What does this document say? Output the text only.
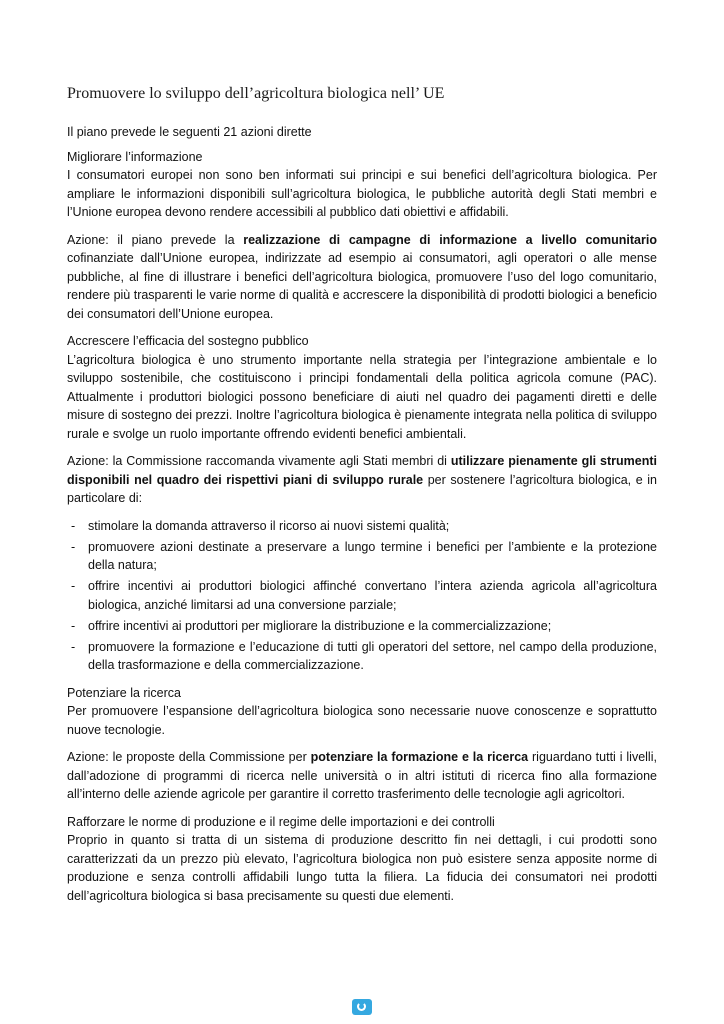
Promuovere lo sviluppo dell’agricoltura biologica nell’ UE

Il piano prevede le seguenti 21 azioni dirette

Migliorare l’informazione
I consumatori europei non sono ben informati sui principi e sui benefici dell’agricoltura biologica. Per ampliare le informazioni disponibili sull’agricoltura biologica, le pubbliche autorità degli Stati membri e l’Unione europea devono rendere accessibili al pubblico dati obiettivi e affidabili.

Azione: il piano prevede la realizzazione di campagne di informazione a livello comunitario cofinanziate dall’Unione europea, indirizzate ad esempio ai consumatori, agli operatori o alle mense pubbliche, al fine di illustrare i benefici dell’agricoltura biologica, promuovere l’uso del logo comunitario, rendere più trasparenti le varie norme di qualità e accrescere la disponibilità di prodotti biologici a beneficio dei consumatori dell’Unione europea.

Accrescere l’efficacia del sostegno pubblico
L’agricoltura biologica è uno strumento importante nella strategia per l’integrazione ambientale e lo sviluppo sostenibile, che costituiscono i principi fondamentali della politica agricola comune (PAC). Attualmente i produttori biologici possono beneficiare di aiuti nel quadro dei pagamenti diretti e delle misure di sostegno dei prezzi. Inoltre l’agricoltura biologica è pienamente integrata nella politica di sviluppo rurale e svolge un ruolo importante offrendo evidenti benefici ambientali.

Azione: la Commissione raccomanda vivamente agli Stati membri di utilizzare pienamente gli strumenti disponibili nel quadro dei rispettivi piani di sviluppo rurale per sostenere l’agricoltura biologica, e in particolare di:

- stimolare la domanda attraverso il ricorso ai nuovi sistemi qualità;
- promuovere azioni destinate a preservare a lungo termine i benefici per l’ambiente e la protezione della natura;
- offrire incentivi ai produttori biologici affinché convertano l’intera azienda agricola all’agricoltura biologica, anziché limitarsi ad una conversione parziale;
- offrire incentivi ai produttori per migliorare la distribuzione e la commercializzazione;
- promuovere la formazione e l’educazione di tutti gli operatori del settore, nel campo della produzione, della trasformazione e della commercializzazione.
Potenziare la ricerca
Per promuovere l’espansione dell’agricoltura biologica sono necessarie nuove conoscenze e soprattutto nuove tecnologie.

Azione: le proposte della Commissione per potenziare la formazione e la ricerca riguardano tutti i livelli, dall’adozione di programmi di ricerca nelle università o in altri istituti di ricerca fino alla formazione all’interno delle aziende agricole per garantire il corretto trasferimento delle tecnologie agli agricoltori.

Rafforzare le norme di produzione e il regime delle importazioni e dei controlli
Proprio in quanto si tratta di un sistema di produzione descritto fin nei dettagli, i cui prodotti sono caratterizzati da un prezzo più elevato, l’agricoltura biologica non può esistere senza apposite norme di produzione e senza controlli affidabili lungo tutta la filiera. La fiducia dei consumatori nei prodotti dell’agricoltura biologica si basa precisamente su questi due elementi.
